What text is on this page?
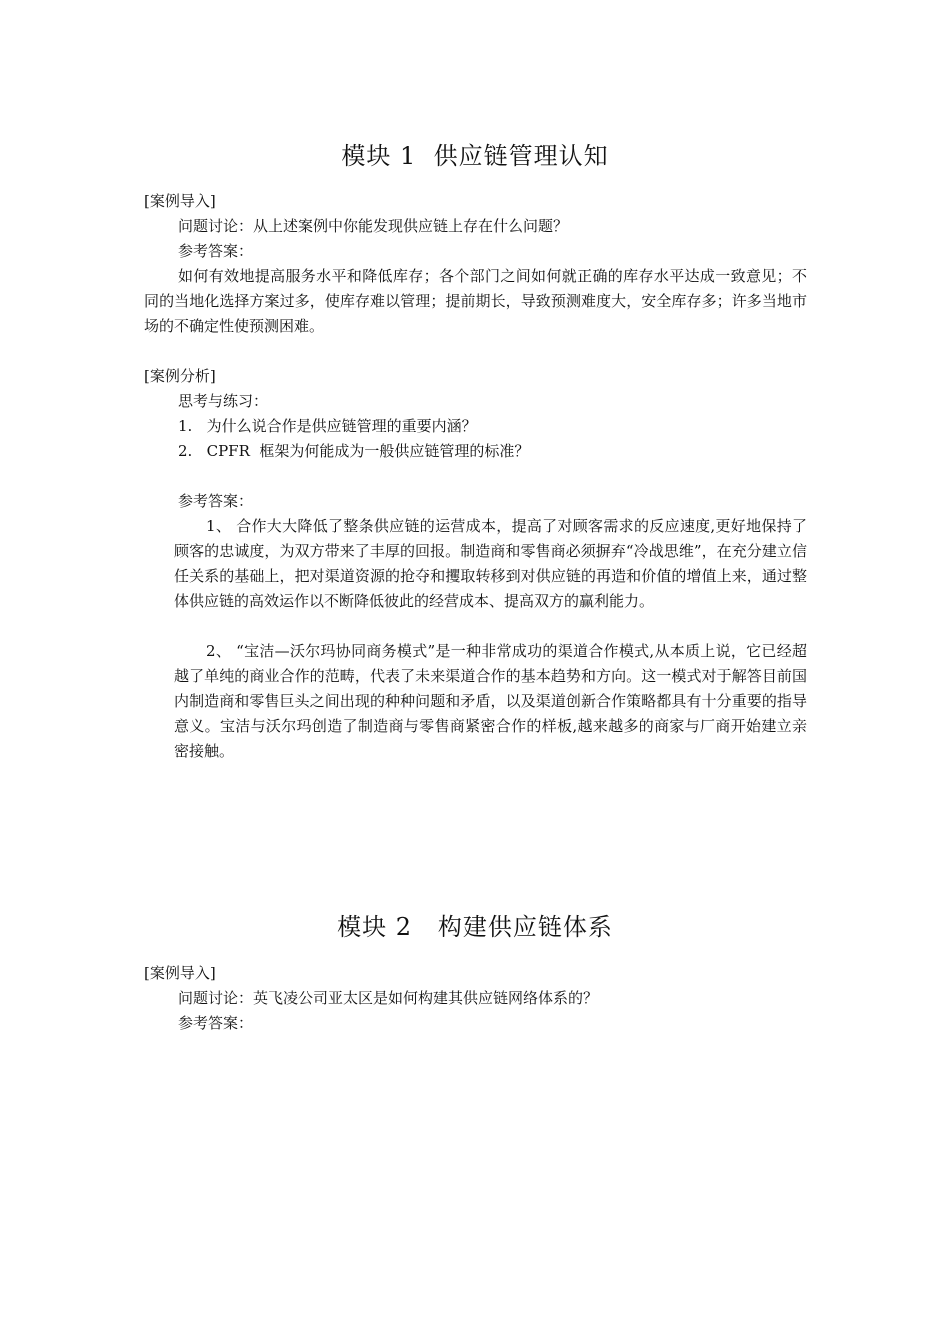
模块 1  供应链管理认知
[案例导入]
问题讨论：从上述案例中你能发现供应链上存在什么问题？
参考答案：
如何有效地提高服务水平和降低库存；各个部门之间如何就正确的库存水平达成一致意见；不同的当地化选择方案过多，使库存难以管理；提前期长，导致预测难度大，安全库存多；许多当地市场的不确定性使预测困难。
[案例分析]
思考与练习：
1.   为什么说合作是供应链管理的重要内涵？
2.   CPFR  框架为何能成为一般供应链管理的标准？
参考答案：
1、 合作大大降低了整条供应链的运营成本，提高了对顾客需求的反应速度,更好地保持了顾客的忠诚度，为双方带来了丰厚的回报。制造商和零售商必须摒弃“冷战思维”，在充分建立信任关系的基础上，把对渠道资源的抢夺和攫取转移到对供应链的再造和价值的增值上来，通过整体供应链的高效运作以不断降低彼此的经营成本、提高双方的赢利能力。
2、 “宝洁—沃尔玛协同商务模式”是一种非常成功的渠道合作模式,从本质上说，它已经超越了单纯的商业合作的范畴，代表了未来渠道合作的基本趋势和方向。这一模式对于解答目前国内制造商和零售巨头之间出现的种种问题和矛盾，以及渠道创新合作策略都具有十分重要的指导意义。宝洁与沃尔玛创造了制造商与零售商紧密合作的样板,越来越多的商家与厂商开始建立亲密接触。
模块 2   构建供应链体系
[案例导入]
问题讨论：英飞凌公司亚太区是如何构建其供应链网络体系的？
参考答案：
